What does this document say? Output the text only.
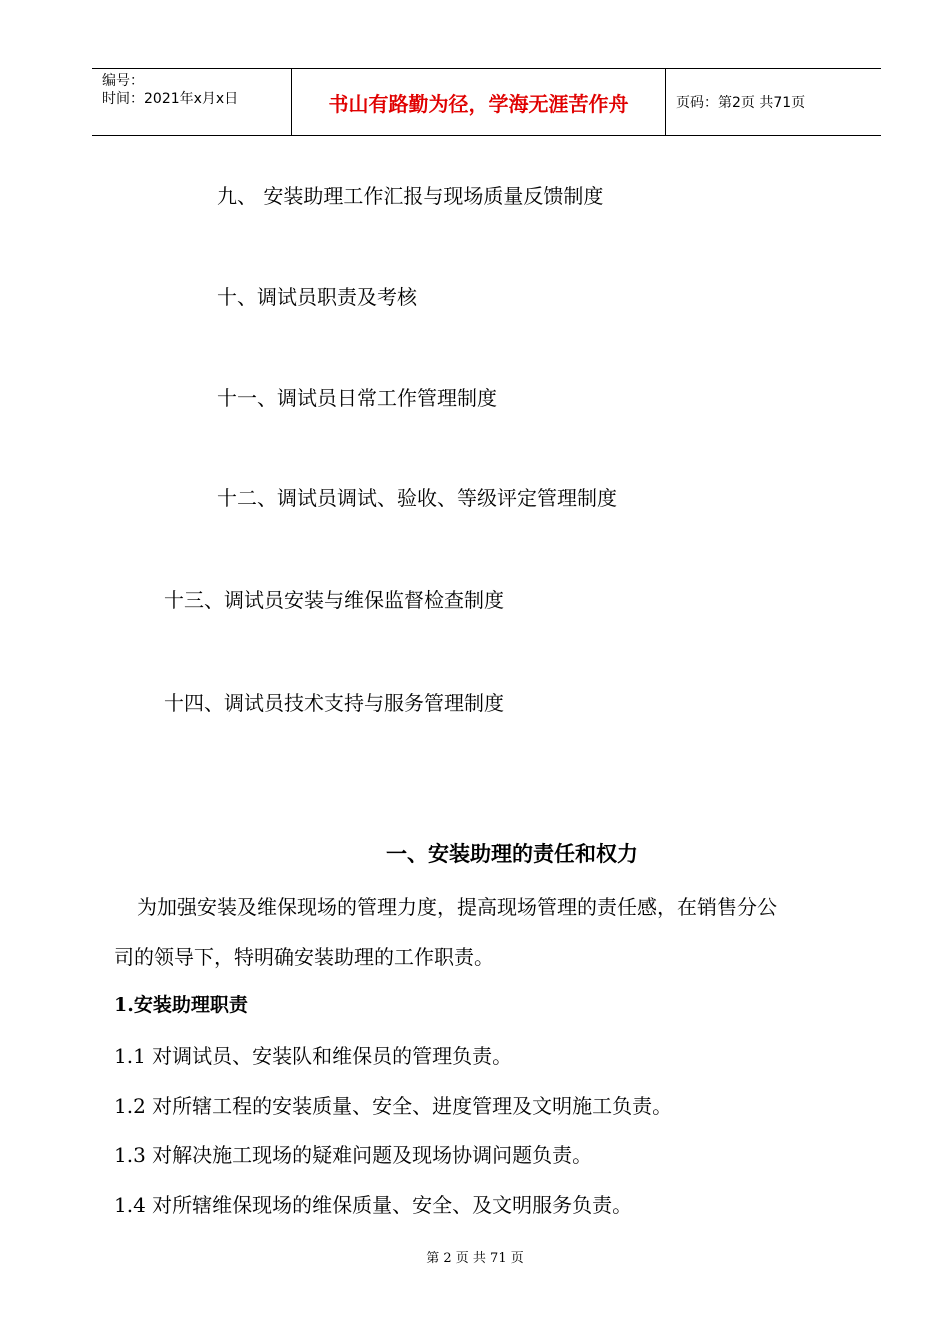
编号：
时间：2021年x月x日	书山有路勤为径，学海无涯苦作舟	页码：第2页 共71页
九、 安装助理工作汇报与现场质量反馈制度
十、调试员职责及考核
十一、调试员日常工作管理制度
十二、调试员调试、验收、等级评定管理制度
十三、调试员安装与维保监督检查制度
十四、调试员技术支持与服务管理制度
一、安装助理的责任和权力
为加强安装及维保现场的管理力度，提高现场管理的责任感，在销售分公
司的领导下，特明确安装助理的工作职责。
1.安装助理职责
1.1 对调试员、安装队和维保员的管理负责。
1.2 对所辖工程的安装质量、安全、进度管理及文明施工负责。
1.3 对解决施工现场的疑难问题及现场协调问题负责。
1.4 对所辖维保现场的维保质量、安全、及文明服务负责。
第 2 页 共 71 页
